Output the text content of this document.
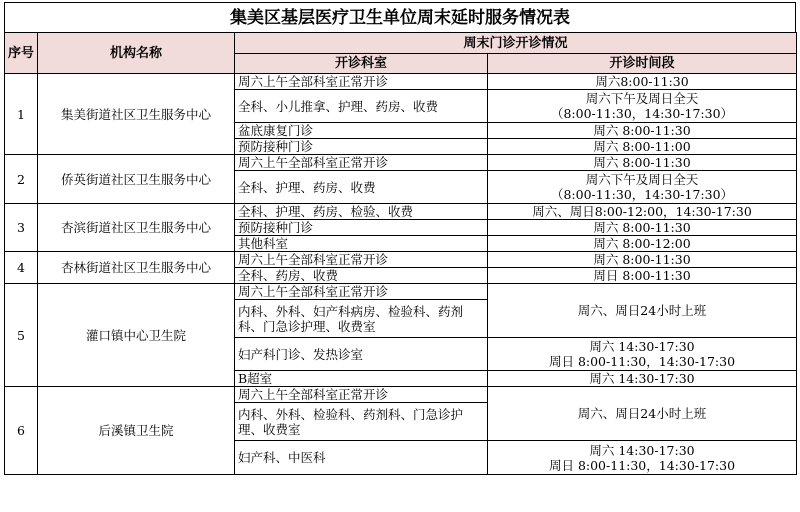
集美区基层医疗卫生单位周末延时服务情况表
序号	机构名称	周末门诊开诊情况	
		开诊科室	开诊时间段
1	集美街道社区卫生服务中心	周六上午全部科室正常开诊	周六8:00-11:30

		全科、小儿推拿、护理、药房、收费	周六下午及周日全天
（8:00-11:30，14:30-17:30）

		盆底康复门诊	周六 8:00-11:30

		预防接种门诊	周六 8:00-11:00

2	侨英街道社区卫生服务中心	周六上午全部科室正常开诊	周六 8:00-11:30

		全科、护理、药房、收费	周六下午及周日全天
（8:00-11:30，14:30-17:30）

3	杏滨街道社区卫生服务中心	全科、护理、药房、检验、收费	周六、周日8:00-12:00，14:30-17:30

		预防接种门诊	周六 8:00-11:30

		其他科室	周六 8:00-12:00

4	杏林街道社区卫生服务中心	周六上午全部科室正常开诊	周六 8:00-11:30

		全科、药房、收费	周日 8:00-11:30

5	灌口镇中心卫生院	周六上午全部科室正常开诊	周六、周日24小时上班

		内科、外科、妇产科病房、检验科、药剂科、门急诊护理、收费室	
		妇产科门诊、发热诊室	周六 14:30-17:30
周日 8:00-11:30，14:30-17:30

		B超室	周六 14:30-17:30

6	后溪镇卫生院	周六上午全部科室正常开诊	周六、周日24小时上班

		内科、外科、检验科、药剂科、门急诊护理、收费室	
		妇产科、中医科	周六 14:30-17:30
周日 8:00-11:30，14:30-17:30
